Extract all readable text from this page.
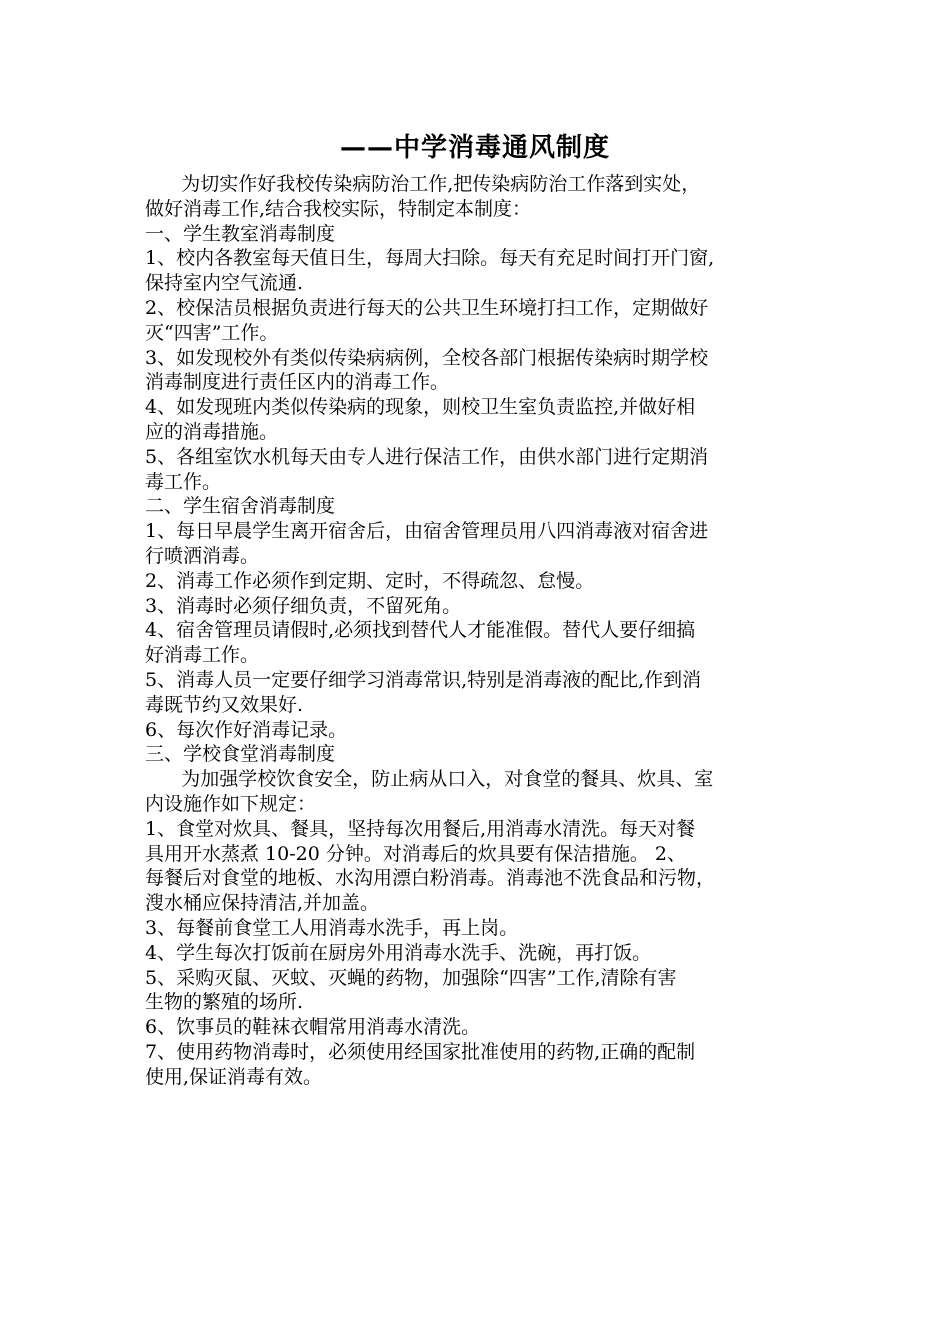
——中学消毒通风制度
为切实作好我校传染病防治工作,把传染病防治工作落到实处，
做好消毒工作,结合我校实际，特制定本制度：
一、学生教室消毒制度
1、校内各教室每天值日生，每周大扫除。每天有充足时间打开门窗,
保持室内空气流通.
2、校保洁员根据负责进行每天的公共卫生环境打扫工作，定期做好
灭“四害”工作。
3、如发现校外有类似传染病病例，全校各部门根据传染病时期学校
消毒制度进行责任区内的消毒工作。
4、如发现班内类似传染病的现象，则校卫生室负责监控,并做好相
应的消毒措施。
5、各组室饮水机每天由专人进行保洁工作，由供水部门进行定期消
毒工作。
二、学生宿舍消毒制度
1、每日早晨学生离开宿舍后，由宿舍管理员用八四消毒液对宿舍进
行喷洒消毒。
2、消毒工作必须作到定期、定时，不得疏忽、怠慢。
3、消毒时必须仔细负责，不留死角。
4、宿舍管理员请假时,必须找到替代人才能准假。替代人要仔细搞
好消毒工作。
5、消毒人员一定要仔细学习消毒常识,特别是消毒液的配比,作到消
毒既节约又效果好.
6、每次作好消毒记录。
三、学校食堂消毒制度
为加强学校饮食安全，防止病从口入，对食堂的餐具、炊具、室
内设施作如下规定：
1、食堂对炊具、餐具，坚持每次用餐后,用消毒水清洗。每天对餐
具用开水蒸煮 10-20 分钟。对消毒后的炊具要有保洁措施。 2、
每餐后对食堂的地板、水沟用漂白粉消毒。消毒池不洗食品和污物，
溲水桶应保持清洁,并加盖。
3、每餐前食堂工人用消毒水洗手，再上岗。
4、学生每次打饭前在厨房外用消毒水洗手、洗碗，再打饭。
5、采购灭鼠、灭蚊、灭蝇的药物，加强除“四害”工作,清除有害
生物的繁殖的场所.
6、饮事员的鞋袜衣帽常用消毒水清洗。
7、使用药物消毒时，必须使用经国家批准使用的药物,正确的配制
使用,保证消毒有效。
